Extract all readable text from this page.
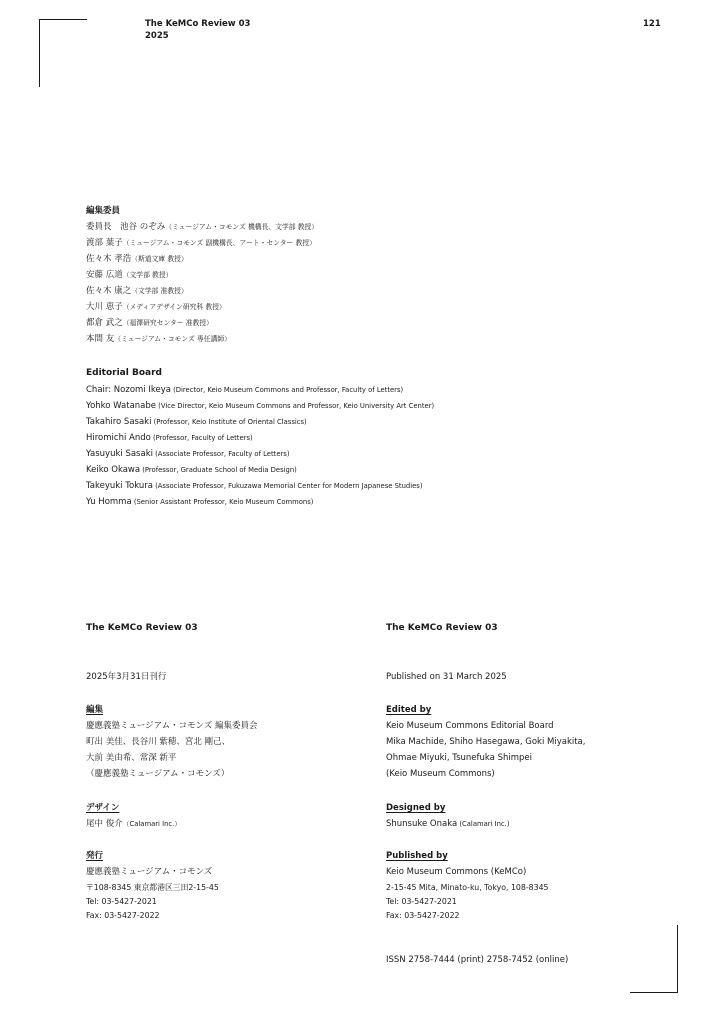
The KeMCo Review 03
2025
121
編集委員
委員長　池谷 のぞみ（ミュージアム・コモンズ 機構長、文学部 教授）
渡部 葉子（ミュージアム・コモンズ 副機構長、アート・センター 教授）
佐々木 孝浩（斯道文庫 教授）
安藤 広道（文学部 教授）
佐々木 康之（文学部 准教授）
大川 恵子（メディアデザイン研究科 教授）
都倉 武之（福澤研究センター 准教授）
本間 友（ミュージアム・コモンズ 専任講師）
Editorial Board
Chair: Nozomi Ikeya (Director, Keio Museum Commons and Professor, Faculty of Letters)
Yohko Watanabe (Vice Director, Keio Museum Commons and Professor, Keio University Art Center)
Takahiro Sasaki (Professor, Keio Institute of Oriental Classics)
Hiromichi Ando (Professor, Faculty of Letters)
Yasuyuki Sasaki (Associate Professor, Faculty of Letters)
Keiko Okawa (Professor, Graduate School of Media Design)
Takeyuki Tokura (Associate Professor, Fukuzawa Memorial Center for Modern Japanese Studies)
Yu Homma (Senior Assistant Professor, Keio Museum Commons)
The KeMCo Review 03
2025年3月31日刊行
編集
慶應義塾ミュージアム・コモンズ 編集委員会
町出 美佳、長谷川 紫穂、宮北 剛己、
大前 美由希、常深 新平
（慶應義塾ミュージアム・コモンズ）
デザイン
尾中 俊介（Calamari Inc.）
発行
慶應義塾ミュージアム・コモンズ
〒108-8345 東京都港区三田2-15-45
Tel: 03-5427-2021
Fax: 03-5427-2022
The KeMCo Review 03
Published on 31 March 2025
Edited by
Keio Museum Commons Editorial Board
Mika Machide, Shiho Hasegawa, Goki Miyakita,
Ohmae Miyuki, Tsunefuka Shimpei
(Keio Museum Commons)
Designed by
Shunsuke Onaka (Calamari Inc.)
Published by
Keio Museum Commons (KeMCo)
2-15-45 Mita, Minato-ku, Tokyo, 108-8345
Tel: 03-5427-2021
Fax: 03-5427-2022
ISSN 2758-7444 (print) 2758-7452 (online)
